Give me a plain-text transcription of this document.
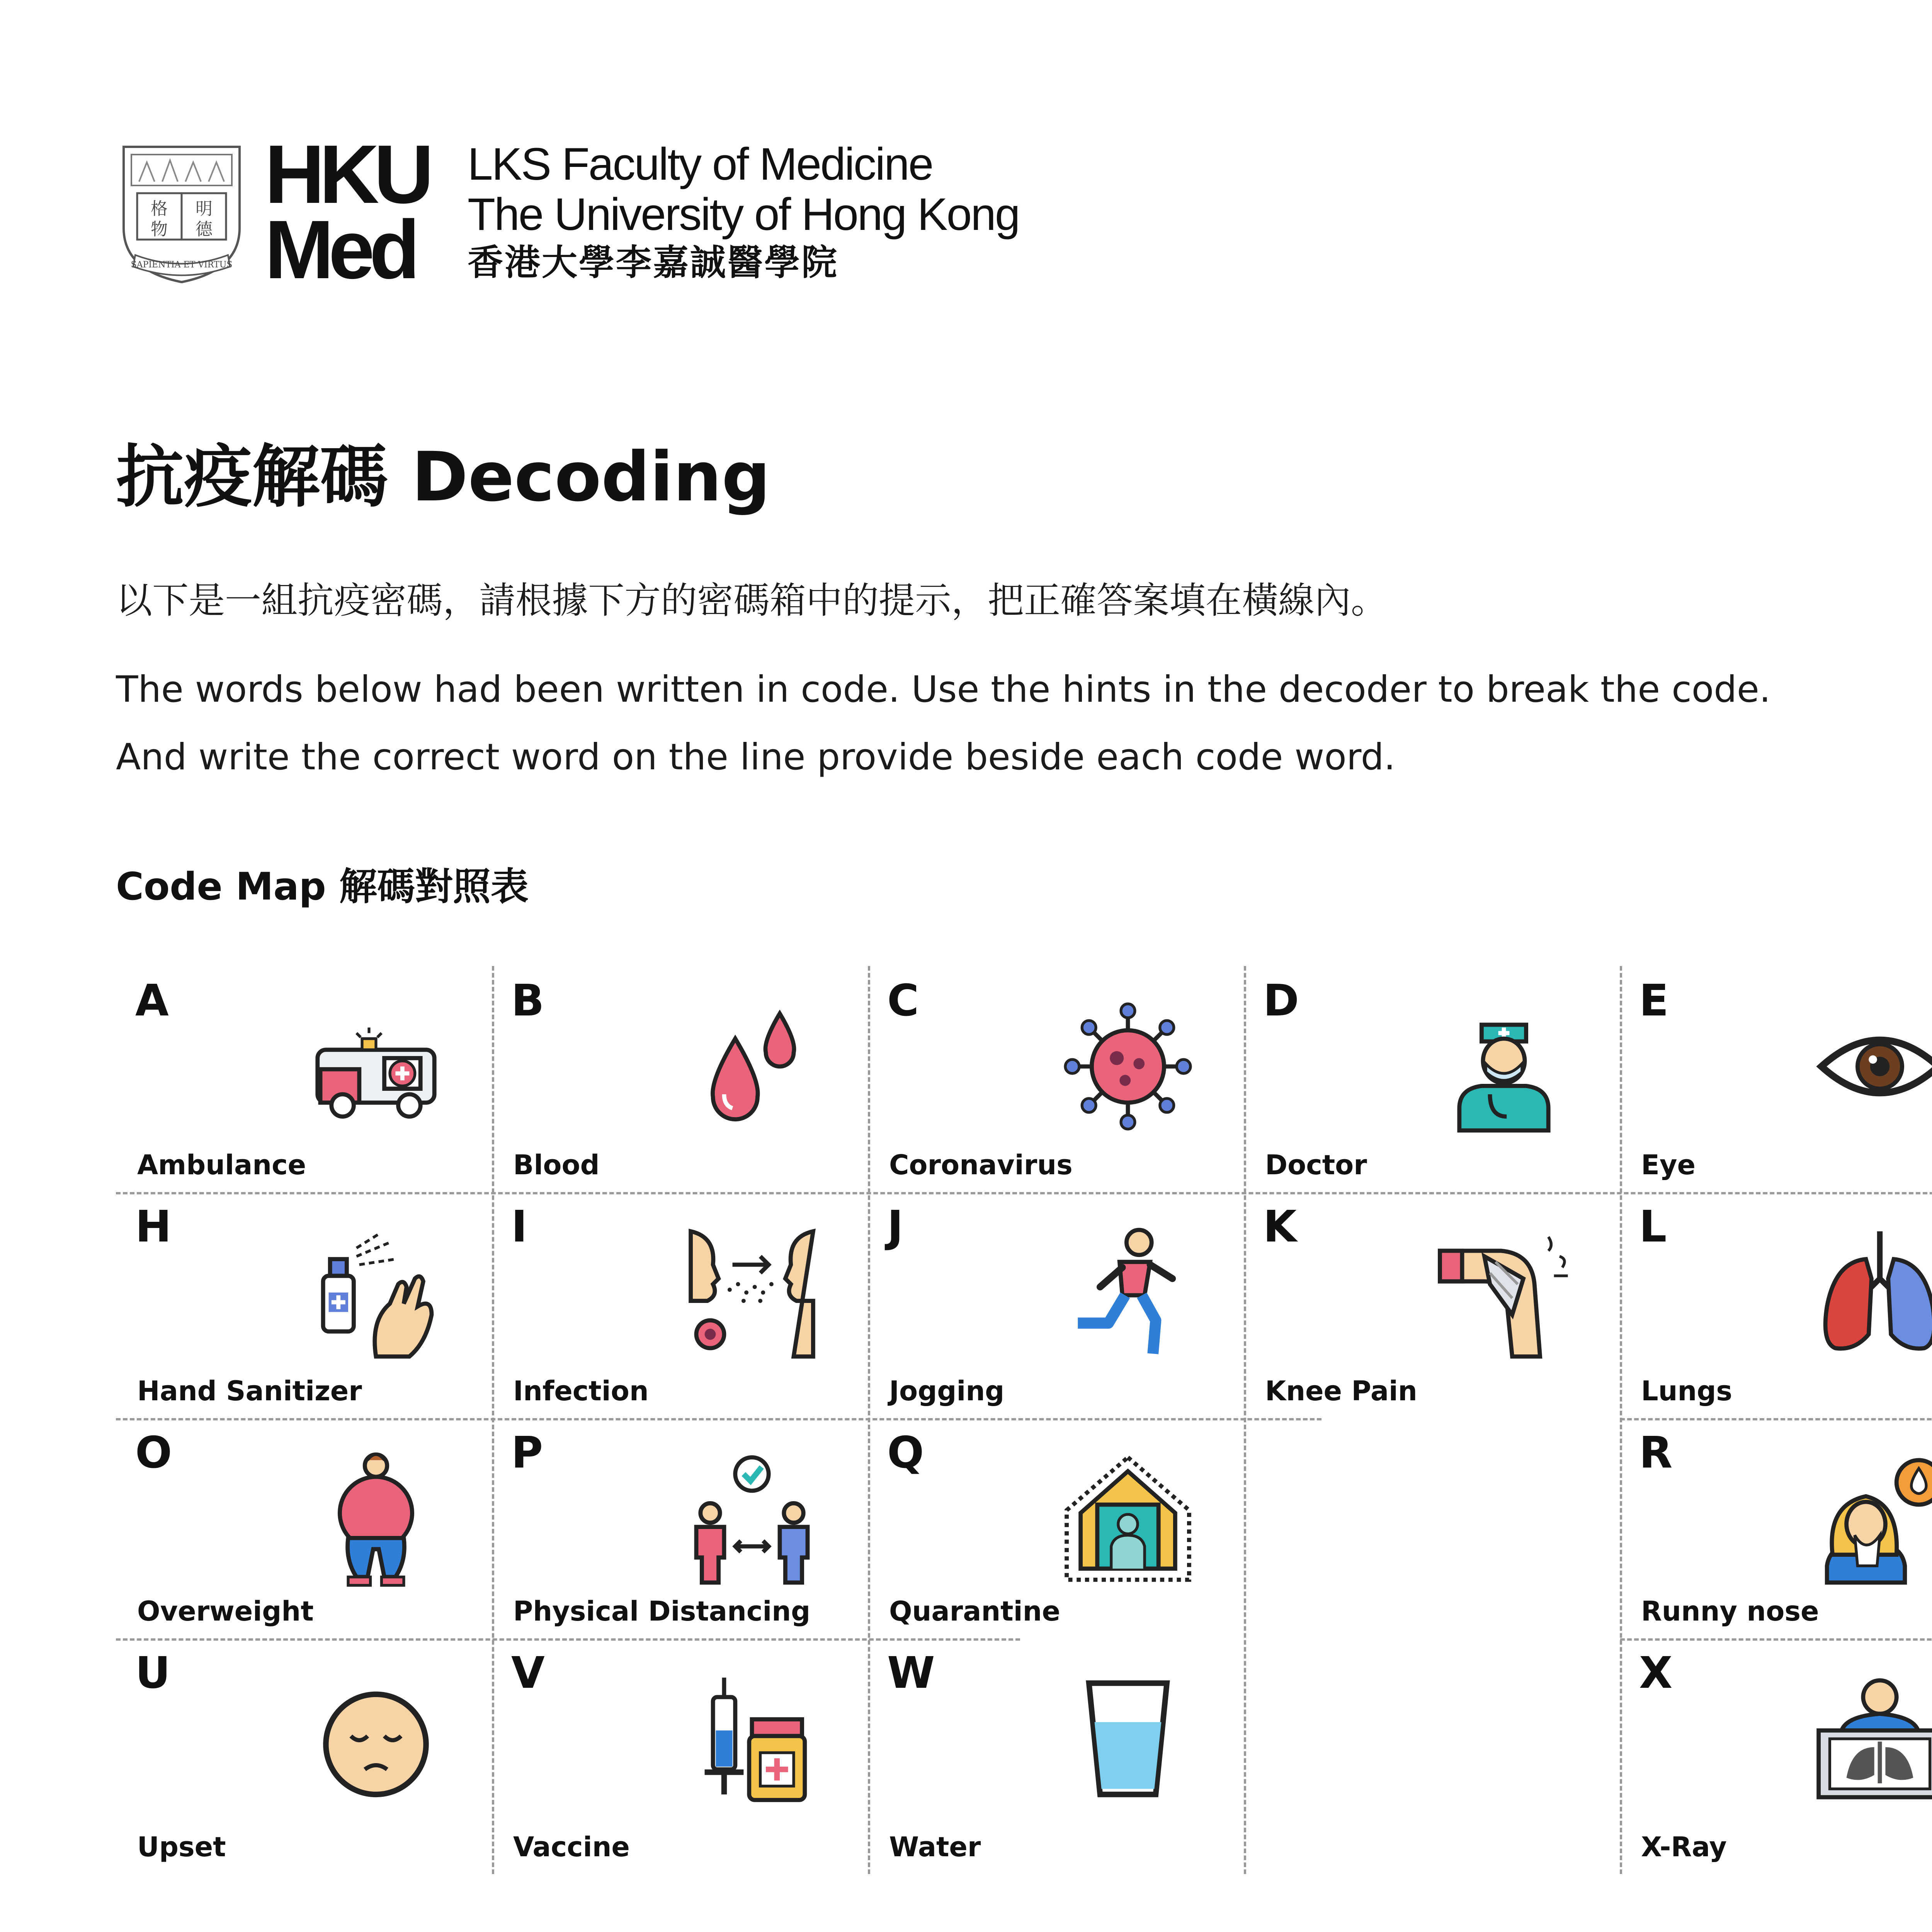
格 明
物 德
SAPIENTIA ET VIRTUS
HKU
Med
LKS Faculty of Medicine
The University of Hong Kong
香港大學李嘉誠醫學院
抗疫解碼 Decoding
以下是一組抗疫密碼，請根據下方的密碼箱中的提示，把正確答案填在橫線內。
The words below had been written in code. Use the hints in the decoder to break the code.
And write the correct word on the line provide beside each code word.
Code Map 解碼對照表
A
Ambulance
B
Blood
C
Coronavirus
D
Doctor
E
Eye
H
Hand Sanitizer
I
Infection
J
Jogging
K
Knee Pain
L
Lungs
O
Overweight
P
Physical Distancing
Q
Quarantine
R
Runny nose
U
Upset
V
Vaccine
W
Water
X
X-Ray
